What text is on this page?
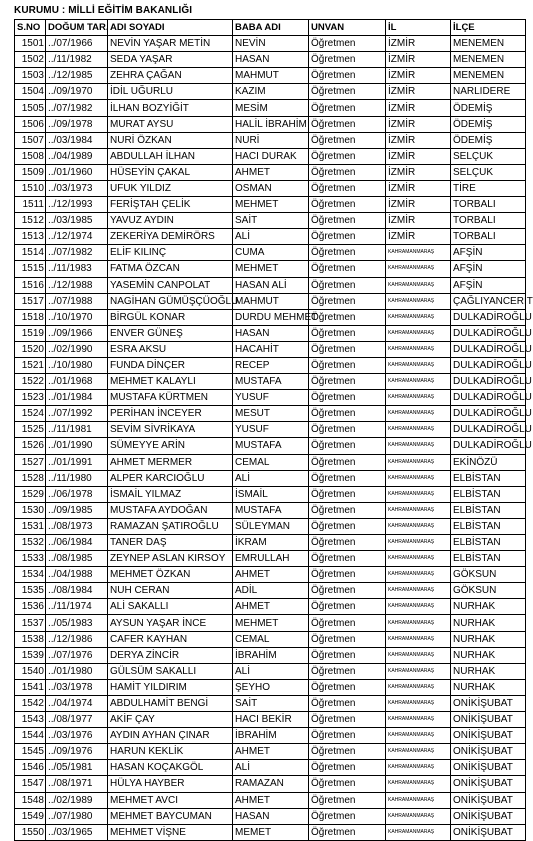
KURUMU : MİLLİ EĞİTİM BAKANLIĞI
S.NO	DOĞUM TAR.	ADI SOYADI	BABA ADI	UNVAN	İL	İLÇE
1501	../07/1966	NEVİN YAŞAR METİN	NEVİN	Öğretmen	İZMİR	MENEMEN
1502	../11/1982	SEDA YAŞAR	HASAN	Öğretmen	İZMİR	MENEMEN
1503	../12/1985	ZEHRA ÇAĞAN	MAHMUT	Öğretmen	İZMİR	MENEMEN
1504	../09/1970	İDİL UĞURLU	KAZIM	Öğretmen	İZMİR	NARLIDERE
1505	../07/1982	İLHAN BOZYİĞİT	MESİM	Öğretmen	İZMİR	ÖDEMİŞ
1506	../09/1978	MURAT AYSU	HALİL İBRAHİM	Öğretmen	İZMİR	ÖDEMİŞ
1507	../03/1984	NURİ ÖZKAN	NURİ	Öğretmen	İZMİR	ÖDEMİŞ
1508	../04/1989	ABDULLAH İLHAN	HACI DURAK	Öğretmen	İZMİR	SELÇUK
1509	../01/1960	HÜSEYİN ÇAKAL	AHMET	Öğretmen	İZMİR	SELÇUK
1510	../03/1973	UFUK YILDIZ	OSMAN	Öğretmen	İZMİR	TİRE
1511	../12/1993	FERİŞTAH ÇELİK	MEHMET	Öğretmen	İZMİR	TORBALI
1512	../03/1985	YAVUZ AYDIN	SAİT	Öğretmen	İZMİR	TORBALI
1513	../12/1974	ZEKERİYA DEMİRÖRS	ALİ	Öğretmen	İZMİR	TORBALI
1514	../07/1982	ELİF KILINÇ	CUMA	Öğretmen	KAHRAMANMARAŞ	AFŞİN
1515	../11/1983	FATMA ÖZCAN	MEHMET	Öğretmen	KAHRAMANMARAŞ	AFŞİN
1516	../12/1988	YASEMİN CANPOLAT	HASAN ALİ	Öğretmen	KAHRAMANMARAŞ	AFŞİN
1517	../07/1988	NAGİHAN GÜMÜŞÇÜOĞLU	MAHMUT	Öğretmen	KAHRAMANMARAŞ	ÇAĞLIYANCERİT
1518	../10/1970	BİRGÜL KONAR	DURDU MEHMET	Öğretmen	KAHRAMANMARAŞ	DULKADİROĞLU
1519	../09/1966	ENVER GÜNEŞ	HASAN	Öğretmen	KAHRAMANMARAŞ	DULKADİROĞLU
1520	../02/1990	ESRA AKSU	HACAHİT	Öğretmen	KAHRAMANMARAŞ	DULKADİROĞLU
1521	../10/1980	FUNDA DİNÇER	RECEP	Öğretmen	KAHRAMANMARAŞ	DULKADİROĞLU
1522	../01/1968	MEHMET KALAYLI	MUSTAFA	Öğretmen	KAHRAMANMARAŞ	DULKADİROĞLU
1523	../01/1984	MUSTAFA KÜRTMEN	YUSUF	Öğretmen	KAHRAMANMARAŞ	DULKADİROĞLU
1524	../07/1992	PERİHAN İNCEYER	MESUT	Öğretmen	KAHRAMANMARAŞ	DULKADİROĞLU
1525	../11/1981	SEVİM SİVRİKAYA	YUSUF	Öğretmen	KAHRAMANMARAŞ	DULKADİROĞLU
1526	../01/1990	SÜMEYYE ARİN	MUSTAFA	Öğretmen	KAHRAMANMARAŞ	DULKADİROĞLU
1527	../01/1991	AHMET MERMER	CEMAL	Öğretmen	KAHRAMANMARAŞ	EKİNÖZÜ
1528	../11/1980	ALPER KARCIOĞLU	ALİ	Öğretmen	KAHRAMANMARAŞ	ELBİSTAN
1529	../06/1978	İSMAİL YILMAZ	İSMAİL	Öğretmen	KAHRAMANMARAŞ	ELBİSTAN
1530	../09/1985	MUSTAFA AYDOĞAN	MUSTAFA	Öğretmen	KAHRAMANMARAŞ	ELBİSTAN
1531	../08/1973	RAMAZAN ŞATIROĞLU	SÜLEYMAN	Öğretmen	KAHRAMANMARAŞ	ELBİSTAN
1532	../06/1984	TANER DAŞ	İKRAM	Öğretmen	KAHRAMANMARAŞ	ELBİSTAN
1533	../08/1985	ZEYNEP ASLAN KIRSOY	EMRULLAH	Öğretmen	KAHRAMANMARAŞ	ELBİSTAN
1534	../04/1988	MEHMET ÖZKAN	AHMET	Öğretmen	KAHRAMANMARAŞ	GÖKSUN
1535	../08/1984	NUH CERAN	ADİL	Öğretmen	KAHRAMANMARAŞ	GÖKSUN
1536	../11/1974	ALİ SAKALLI	AHMET	Öğretmen	KAHRAMANMARAŞ	NURHAK
1537	../05/1983	AYSUN YAŞAR İNCE	MEHMET	Öğretmen	KAHRAMANMARAŞ	NURHAK
1538	../12/1986	CAFER KAYHAN	CEMAL	Öğretmen	KAHRAMANMARAŞ	NURHAK
1539	../07/1976	DERYA ZİNCİR	İBRAHİM	Öğretmen	KAHRAMANMARAŞ	NURHAK
1540	../01/1980	GÜLSÜM SAKALLI	ALİ	Öğretmen	KAHRAMANMARAŞ	NURHAK
1541	../03/1978	HAMİT YILDIRIM	ŞEYHO	Öğretmen	KAHRAMANMARAŞ	NURHAK
1542	../04/1974	ABDULHAMİT BENGİ	SAİT	Öğretmen	KAHRAMANMARAŞ	ONİKİŞUBAT
1543	../08/1977	AKİF ÇAY	HACI BEKİR	Öğretmen	KAHRAMANMARAŞ	ONİKİŞUBAT
1544	../03/1976	AYDIN AYHAN ÇINAR	İBRAHİM	Öğretmen	KAHRAMANMARAŞ	ONİKİŞUBAT
1545	../09/1976	HARUN KEKLİK	AHMET	Öğretmen	KAHRAMANMARAŞ	ONİKİŞUBAT
1546	../05/1981	HASAN KOÇAKGÖL	ALİ	Öğretmen	KAHRAMANMARAŞ	ONİKİŞUBAT
1547	../08/1971	HÜLYA HAYBER	RAMAZAN	Öğretmen	KAHRAMANMARAŞ	ONİKİŞUBAT
1548	../02/1989	MEHMET AVCI	AHMET	Öğretmen	KAHRAMANMARAŞ	ONİKİŞUBAT
1549	../07/1980	MEHMET BAYCUMAN	HASAN	Öğretmen	KAHRAMANMARAŞ	ONİKİŞUBAT
1550	../03/1965	MEHMET VİŞNE	MEMET	Öğretmen	KAHRAMANMARAŞ	ONİKİŞUBAT
